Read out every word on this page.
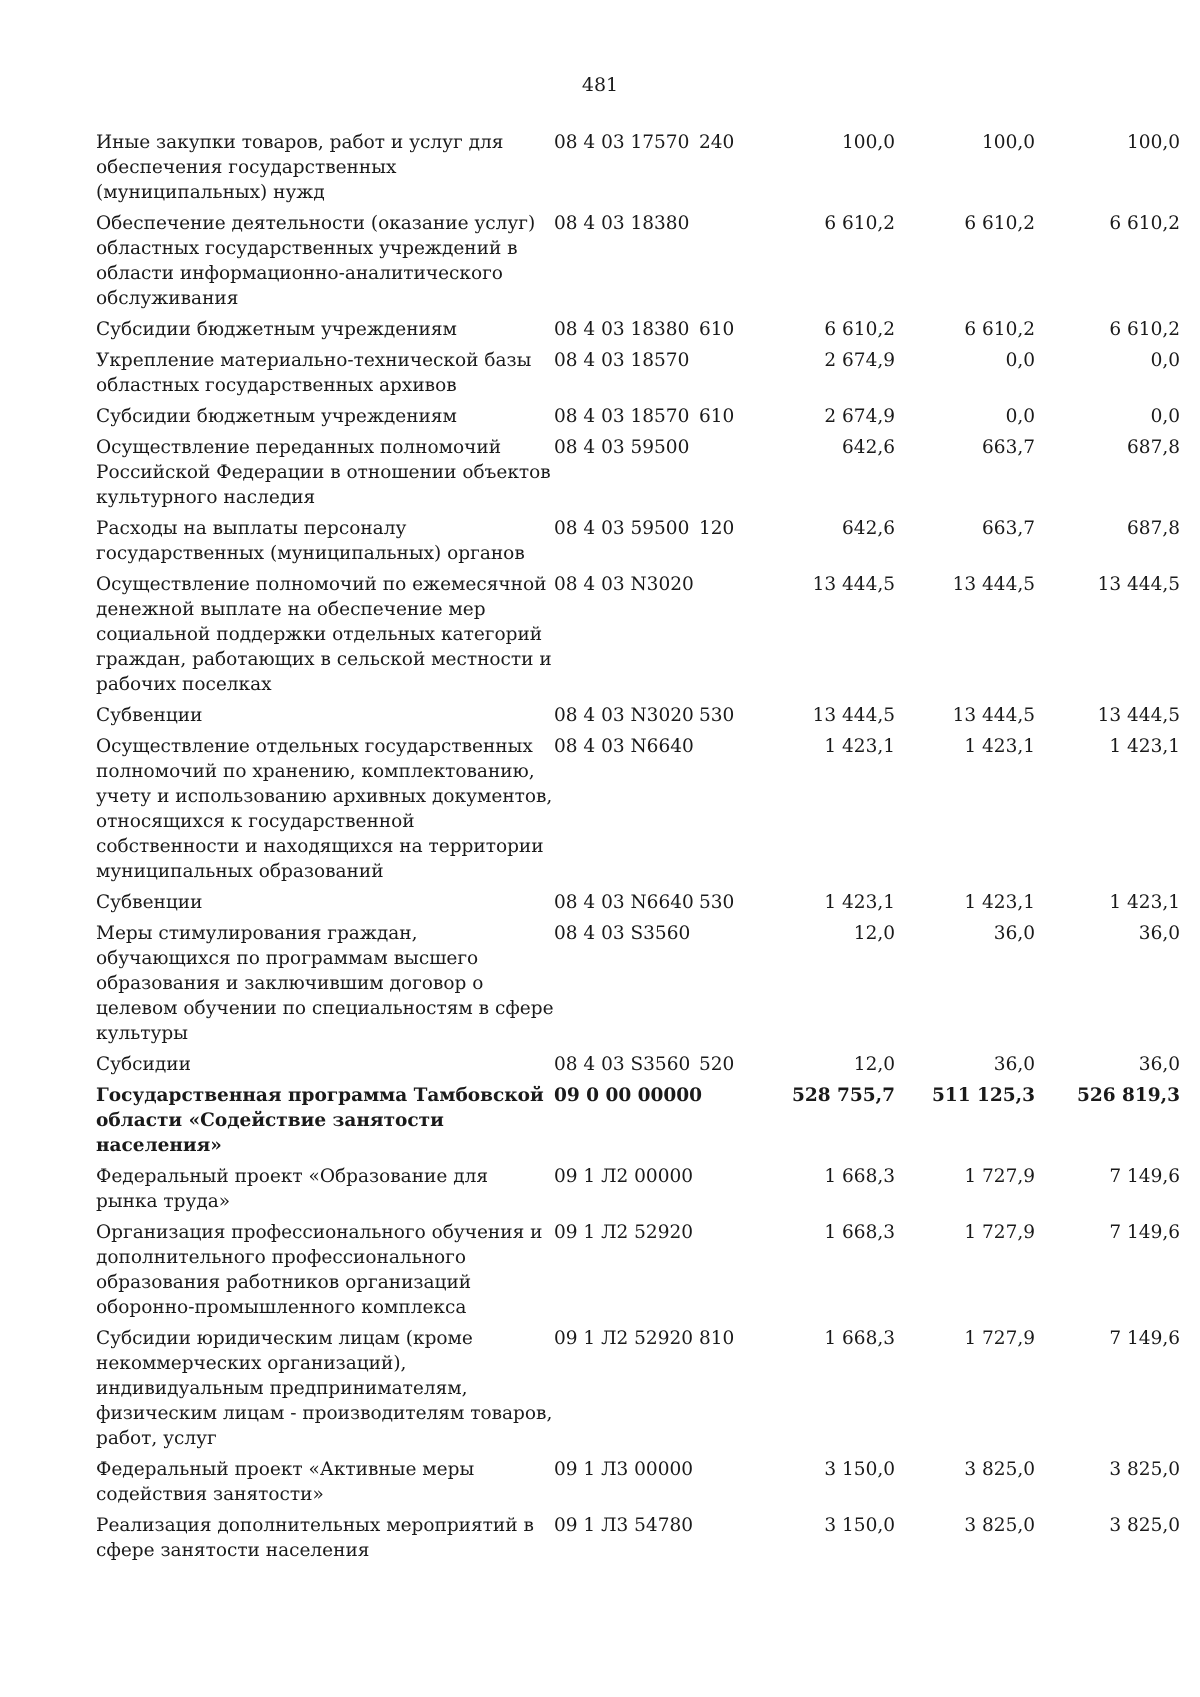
481
Иные закупки товаров, работ и услуг для обеспечения государственных (муниципальных) нужд	08 4 03 17570	240	100,0	100,0	100,0
Обеспечение деятельности (оказание услуг) областных государственных учреждений в области информационно-аналитического обслуживания	08 4 03 18380		6 610,2	6 610,2	6 610,2
Субсидии бюджетным учреждениям	08 4 03 18380	610	6 610,2	6 610,2	6 610,2
Укрепление материально-технической базы областных государственных архивов	08 4 03 18570		2 674,9	0,0	0,0
Субсидии бюджетным учреждениям	08 4 03 18570	610	2 674,9	0,0	0,0
Осуществление переданных полномочий Российской Федерации в отношении объектов культурного наследия	08 4 03 59500		642,6	663,7	687,8
Расходы на выплаты персоналу государственных (муниципальных) органов	08 4 03 59500	120	642,6	663,7	687,8
Осуществление полномочий по ежемесячной денежной выплате на обеспечение мер социальной поддержки отдельных категорий граждан, работающих в сельской местности и рабочих поселках	08 4 03 N3020		13 444,5	13 444,5	13 444,5
Субвенции	08 4 03 N3020	530	13 444,5	13 444,5	13 444,5
Осуществление отдельных государственных полномочий по хранению, комплектованию, учету и использованию архивных документов, относящихся к государственной собственности и находящихся на территории муниципальных образований	08 4 03 N6640		1 423,1	1 423,1	1 423,1
Субвенции	08 4 03 N6640	530	1 423,1	1 423,1	1 423,1
Меры стимулирования граждан, обучающихся по программам высшего образования и заключившим договор о целевом обучении по специальностям в сфере культуры	08 4 03 S3560		12,0	36,0	36,0
Субсидии	08 4 03 S3560	520	12,0	36,0	36,0
Государственная программа Тамбовской области «Содействие занятости населения»	09 0 00 00000		528 755,7	511 125,3	526 819,3
Федеральный проект «Образование для рынка труда»	09 1 Л2 00000		1 668,3	1 727,9	7 149,6
Организация профессионального обучения и дополнительного профессионального образования работников организаций оборонно-промышленного комплекса	09 1 Л2 52920		1 668,3	1 727,9	7 149,6
Субсидии юридическим лицам (кроме некоммерческих организаций), индивидуальным предпринимателям, физическим лицам - производителям товаров, работ, услуг	09 1 Л2 52920	810	1 668,3	1 727,9	7 149,6
Федеральный проект «Активные меры содействия занятости»	09 1 Л3 00000		3 150,0	3 825,0	3 825,0
Реализация дополнительных мероприятий в сфере занятости населения	09 1 Л3 54780		3 150,0	3 825,0	3 825,0
